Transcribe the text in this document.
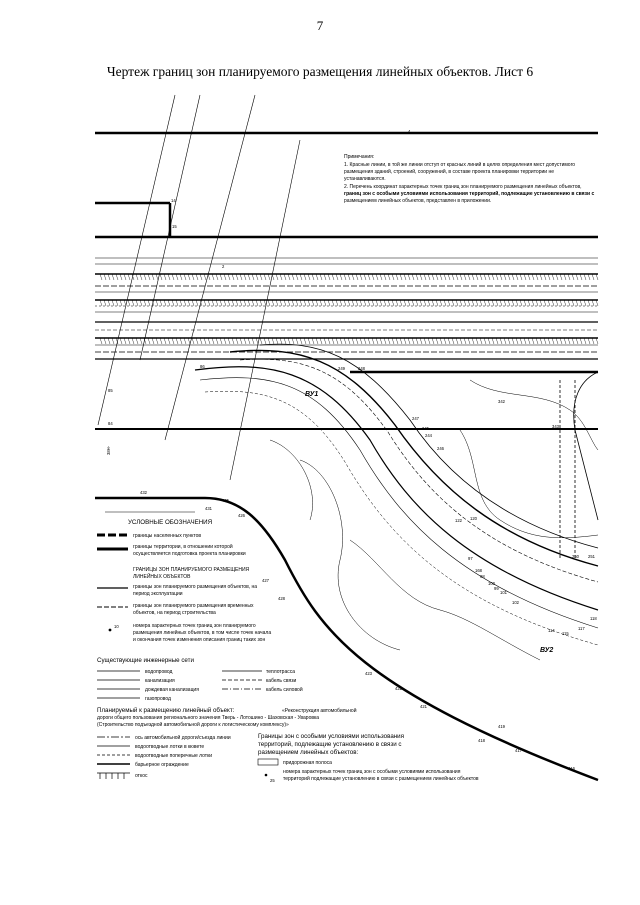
7
Чертеж границ зон планируемого размещения линейных объектов. Лист 6
Примечания:
1. Красные линии, в той же линии отступ от красных линий в целях определения мест допустимого
размещения зданий, строений, сооружений, в составе проекта планировки территории не
устанавливаются.
2. Перечень координат характерных точек границ зон планируемого размещения линейных объектов,
границ зон с особыми условиями использования территорий, подлежащие установлению в связи с
размещением линейных объектов, представлен в приложении.
ВУ1
ВУ2
38Н-
14
15
2
4
86
85
84
249	248
245
247
342
343
244
246
122 120
251
250
426
425
427
428
423
422
421
418
417
419
416
432
431
117
115
118
114
168
100
101
102
97
98
99
УСЛОВНЫЕ ОБОЗНАЧЕНИЯ
границы населенных пунктов
границы территории, в отношении которой
осуществляется подготовка проекта планировки
ГРАНИЦЫ ЗОН ПЛАНИРУЕМОГО РАЗМЕЩЕНИЯ
ЛИНЕЙНЫХ ОБЪЕКТОВ
границы зон планируемого размещения объектов, на
период эксплуатации
границы зон планируемого размещения временных
объектов, на период строительства
10	номера характерных точек границ зон планируемого
размещения линейных объектов, в том числе точек начала
и окончания точек изменения описания границ таких зон
Существующие инженерные сети
водопровод
канализация
дождевая канализация
газопровод
теплотрасса
кабель связи
кабель силовой
Планируемый к размещению линейный объект:	«Реконструкция автомобильной
дороги общего пользования регионального значения Тверь - Лотошино - Шаховская - Уваровка
(Строительство подъездной автомобильной дороги к логистическому комплексу)»
ось автомобильной дороги/съезда линии
водоотводные лотки в кювете
водоотводные поперечные лотки
барьерное ограждение
откос
Границы зон с особыми условиями использования
территорий, подлежащие установлению в связи с
размещением линейных объектов:
придорожная полоса
25
номера характерных точек границ зон с особыми условиями использования
территорий подлежащие установлению в связи с размещением линейных объектов
